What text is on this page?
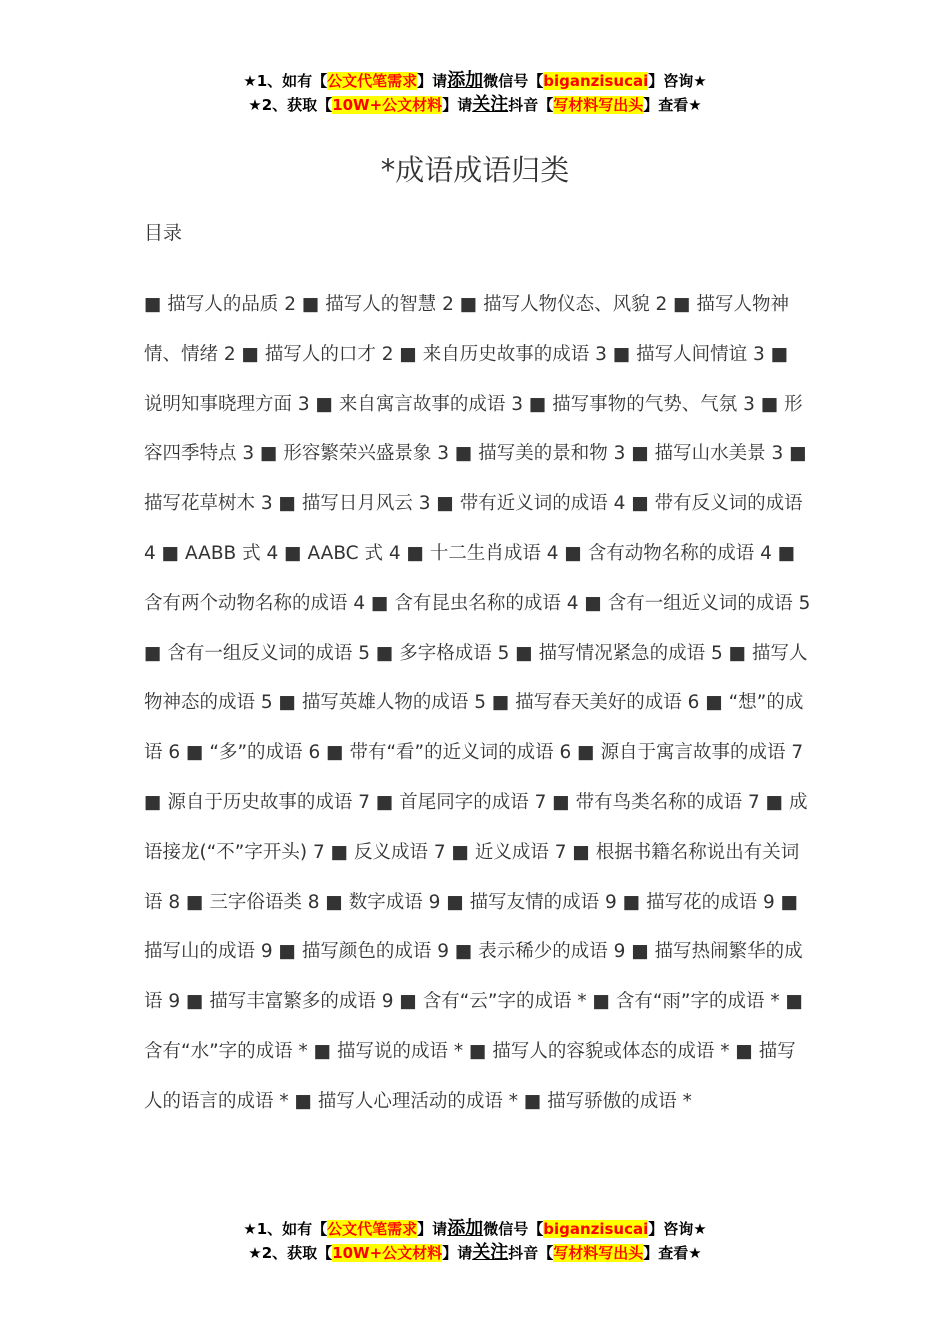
★1、如有【公文代笔需求】请添加微信号【biganzisucai】咨询★
★2、获取【10W+公文材料】请关注抖音【写材料写出头】查看★
*成语成语归类
目录

■ 描写人的品质 2 ■ 描写人的智慧 2 ■ 描写人物仪态、风貌 2 ■ 描写人物神情、情绪 2 ■ 描写人的口才 2 ■ 来自历史故事的成语 3 ■ 描写人间情谊 3 ■ 说明知事晓理方面 3 ■ 来自寓言故事的成语 3 ■ 描写事物的气势、气氛 3 ■ 形容四季特点 3 ■ 形容繁荣兴盛景象 3 ■ 描写美的景和物 3 ■ 描写山水美景 3 ■ 描写花草树木 3 ■ 描写日月风云 3 ■ 带有近义词的成语 4 ■ 带有反义词的成语 4 ■ AABB 式 4 ■ AABC 式 4 ■ 十二生肖成语 4 ■ 含有动物名称的成语 4 ■ 含有两个动物名称的成语 4 ■ 含有昆虫名称的成语 4 ■ 含有一组近义词的成语 5 ■ 含有一组反义词的成语 5 ■ 多字格成语 5 ■ 描写情况紧急的成语 5 ■ 描写人物神态的成语 5 ■ 描写英雄人物的成语 5 ■ 描写春天美好的成语 6 ■ “想”的成语 6 ■ “多”的成语 6 ■ 带有“看”的近义词的成语 6 ■ 源自于寓言故事的成语 7 ■ 源自于历史故事的成语 7 ■ 首尾同字的成语 7 ■ 带有鸟类名称的成语 7 ■ 成语接龙(“不”字开头) 7 ■ 反义成语 7 ■ 近义成语 7 ■ 根据书籍名称说出有关词语 8 ■ 三字俗语类 8 ■ 数字成语 9 ■ 描写友情的成语 9 ■ 描写花的成语 9 ■ 描写山的成语 9 ■ 描写颜色的成语 9 ■ 表示稀少的成语 9 ■ 描写热闹繁华的成语 9 ■ 描写丰富繁多的成语 9 ■ 含有“云”字的成语 * ■ 含有“雨”字的成语 * ■ 含有“水”字的成语 * ■ 描写说的成语 * ■ 描写人的容貌或体态的成语 * ■ 描写人的语言的成语 * ■ 描写人心理活动的成语 * ■ 描写骄傲的成语 *

★1、如有【公文代笔需求】请添加微信号【biganzisucai】咨询★
★2、获取【10W+公文材料】请关注抖音【写材料写出头】查看★
